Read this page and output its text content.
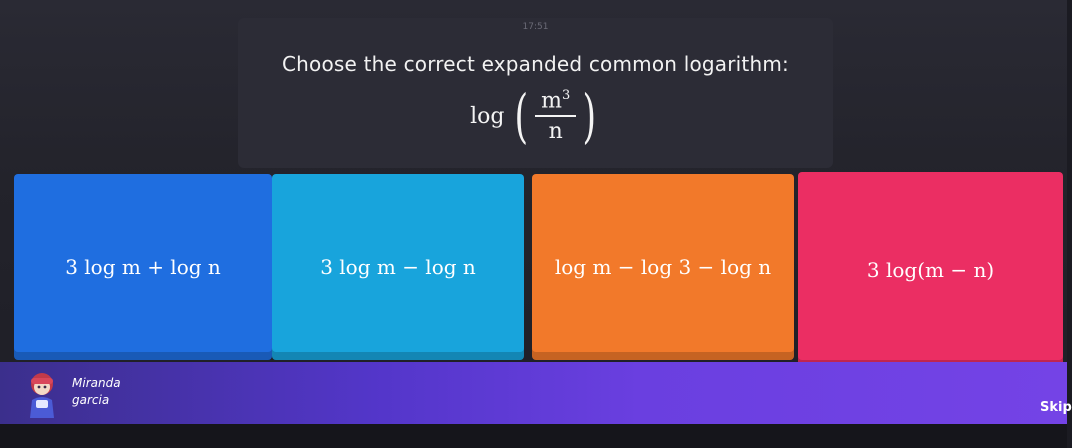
17:51
Choose the correct expanded common logarithm:
log ( $\frac{m^3}{n}$ )
3 log m + log n	3 log m − log n	log m − log 3 − log n	3 log(m − n)
Miranda
garcia	Skip
